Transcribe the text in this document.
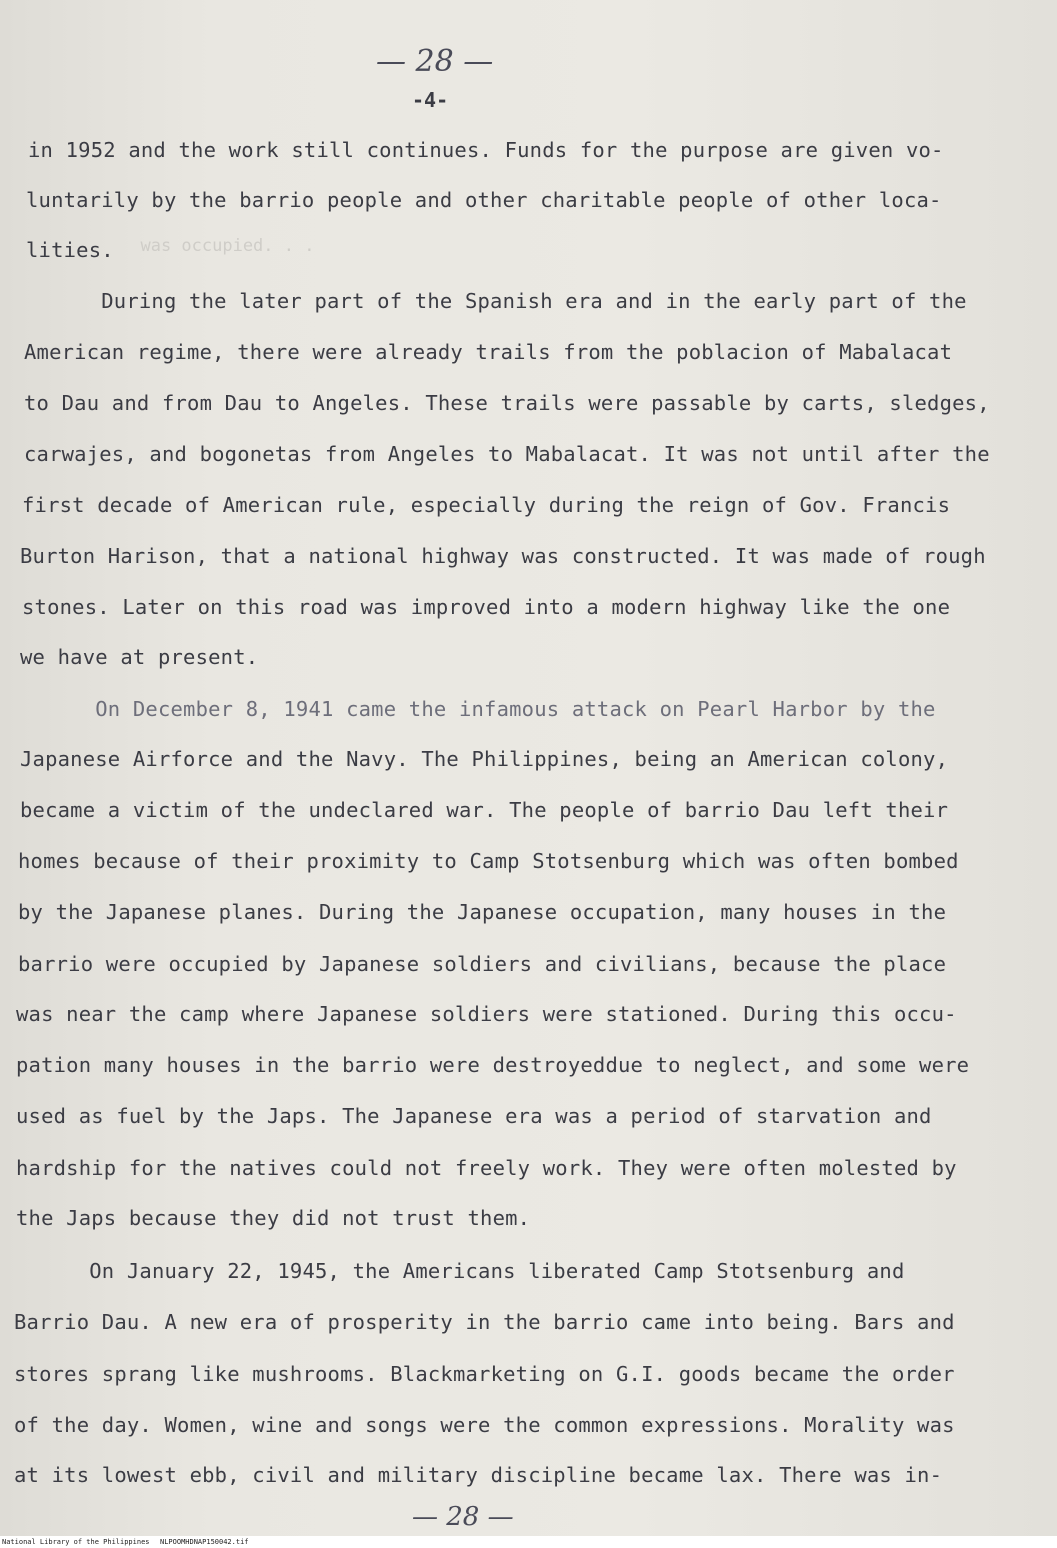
was occupied. . .
— 28 —
-4-
in 1952 and the work still continues. Funds for the purpose are given vo-
luntarily by the barrio people and other charitable people of other loca-
lities.
During the later part of the Spanish era and in the early part of the
American regime, there were already trails from the poblacion of Mabalacat
to Dau and from Dau to Angeles. These trails were passable by carts, sledges,
carwajes, and bogonetas from Angeles to Mabalacat. It was not until after the
first decade of American rule, especially during the reign of Gov. Francis
Burton Harison, that a national highway was constructed. It was made of rough
stones. Later on this road was improved into a modern highway like the one
we have at present.
On December 8, 1941 came the infamous attack on Pearl Harbor by the
Japanese Airforce and the Navy. The Philippines, being an American colony,
became a victim of the undeclared war. The people of barrio Dau left their
homes because of their proximity to Camp Stotsenburg which was often bombed
by the Japanese planes. During the Japanese occupation, many houses in the
barrio were occupied by Japanese soldiers and civilians, because the place
was near the camp where Japanese soldiers were stationed. During this occu-
pation many houses in the barrio were destroyeddue to neglect, and some were
used as fuel by the Japs. The Japanese era was a period of starvation and
hardship for the natives could not freely work. They were often molested by
the Japs because they did not trust them.
On January 22, 1945, the Americans liberated Camp Stotsenburg and
Barrio Dau. A new era of prosperity in the barrio came into being. Bars and
stores sprang like mushrooms. Blackmarketing on G.I. goods became the order
of the day. Women, wine and songs were the common expressions. Morality was
at its lowest ebb, civil and military discipline became lax. There was in-
— 28 —
National Library of the Philippines NLPOOMHDNAP150042.tif
